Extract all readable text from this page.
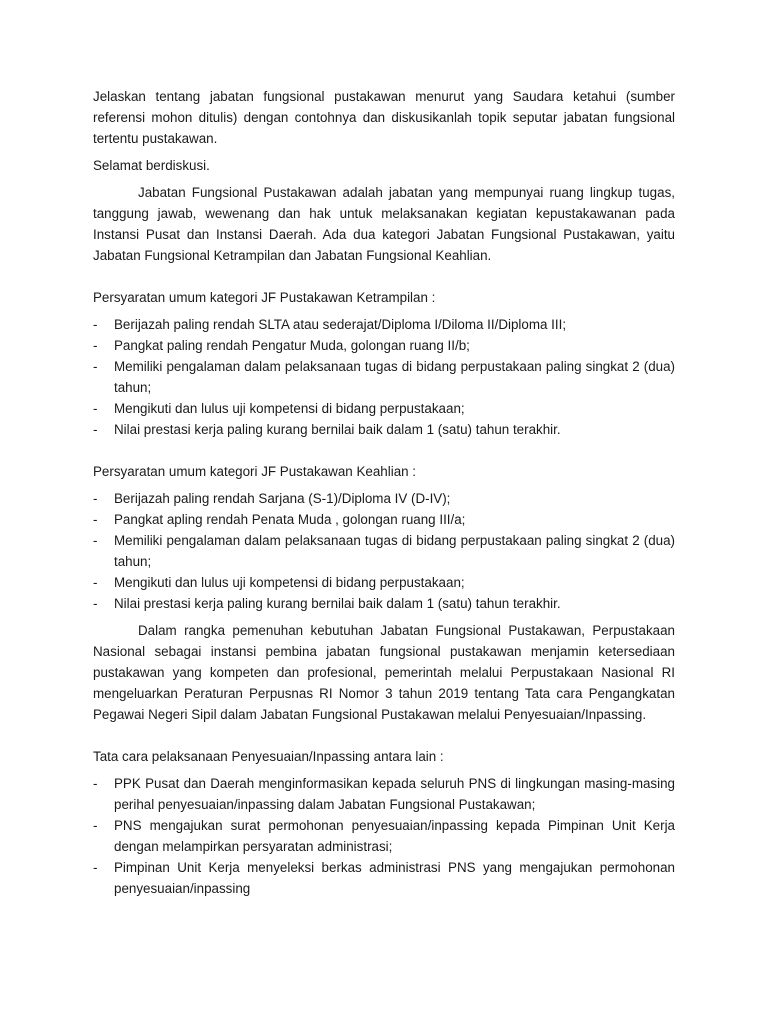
Jelaskan tentang jabatan fungsional pustakawan menurut yang Saudara ketahui (sumber referensi mohon ditulis) dengan contohnya dan diskusikanlah topik seputar jabatan fungsional tertentu pustakawan.

Selamat berdiskusi.

Jabatan Fungsional Pustakawan adalah jabatan yang mempunyai ruang lingkup tugas, tanggung jawab, wewenang dan hak untuk melaksanakan kegiatan kepustakawanan pada Instansi Pusat dan Instansi Daerah. Ada dua kategori Jabatan Fungsional Pustakawan, yaitu Jabatan Fungsional Ketrampilan dan Jabatan Fungsional Keahlian.

Persyaratan umum kategori JF Pustakawan Ketrampilan :

- Berijazah paling rendah SLTA atau sederajat/Diploma I/Diloma II/Diploma III;
- Pangkat paling rendah Pengatur Muda, golongan ruang II/b;
- Memiliki pengalaman dalam pelaksanaan tugas di bidang perpustakaan paling singkat 2 (dua) tahun;
- Mengikuti dan lulus uji kompetensi di bidang perpustakaan;
- Nilai prestasi kerja paling kurang bernilai baik dalam 1 (satu) tahun terakhir.

Persyaratan umum kategori JF Pustakawan Keahlian :

- Berijazah paling rendah Sarjana (S-1)/Diploma IV (D-IV);
- Pangkat apling rendah Penata Muda , golongan ruang III/a;
- Memiliki pengalaman dalam pelaksanaan tugas di bidang perpustakaan paling singkat 2 (dua) tahun;
- Mengikuti dan lulus uji kompetensi di bidang perpustakaan;
- Nilai prestasi kerja paling kurang bernilai baik dalam 1 (satu) tahun terakhir.

Dalam rangka pemenuhan kebutuhan Jabatan Fungsional Pustakawan, Perpustakaan Nasional sebagai instansi pembina jabatan fungsional pustakawan menjamin ketersediaan pustakawan yang kompeten dan profesional, pemerintah melalui Perpustakaan Nasional RI mengeluarkan Peraturan Perpusnas RI Nomor 3 tahun 2019 tentang Tata cara Pengangkatan Pegawai Negeri Sipil dalam Jabatan Fungsional Pustakawan melalui Penyesuaian/Inpassing.

Tata cara pelaksanaan Penyesuaian/Inpassing antara lain :

- PPK Pusat dan Daerah menginformasikan kepada seluruh PNS di lingkungan masing-masing perihal penyesuaian/inpassing dalam Jabatan Fungsional Pustakawan;
- PNS mengajukan surat permohonan penyesuaian/inpassing kepada Pimpinan Unit Kerja dengan melampirkan persyaratan administrasi;
- Pimpinan Unit Kerja menyeleksi berkas administrasi PNS yang mengajukan permohonan penyesuaian/inpassing
